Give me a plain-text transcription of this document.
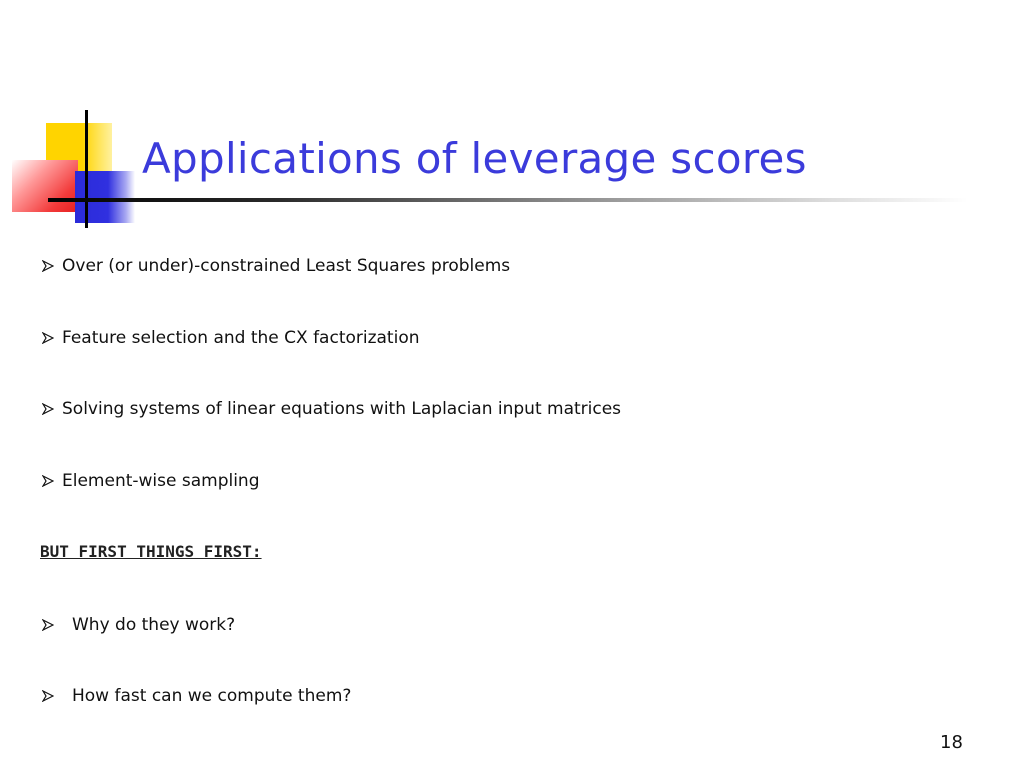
Applications of leverage scores
Over (or under)-constrained Least Squares problems
Feature selection and the CX factorization
Solving systems of linear equations with Laplacian input matrices
Element-wise sampling
BUT FIRST THINGS FIRST:
Why do they work?
How fast can we compute them?
18
